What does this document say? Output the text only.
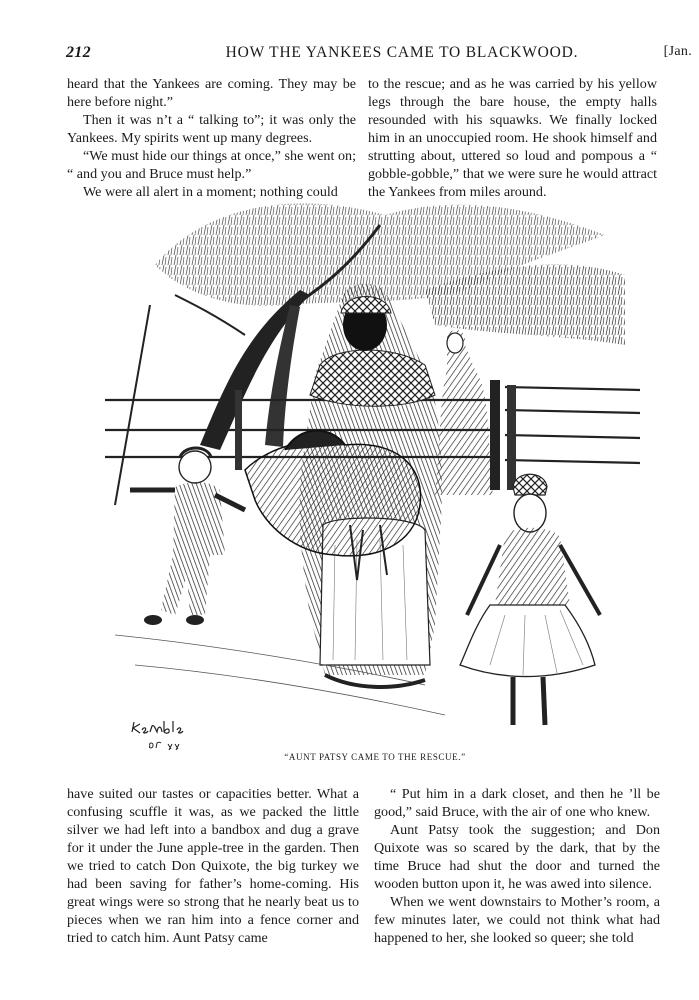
212	HOW THE YANKEES CAME TO BLACKWOOD.	[Jan.

heard that the Yankees are coming. They may be here before night.”

Then it was n’t a “ talking to”; it was only the Yankees. My spirits went up many degrees.

“We must hide our things at once,” she went on; “ and you and Bruce must help.”

We were all alert in a moment; nothing could

to the rescue; and as he was carried by his yellow legs through the bare house, the empty halls resounded with his squawks. We finally locked him in an unoccupied room. He shook himself and strutting about, uttered so loud and pompous a “ gobble-gobble,” that we were sure he would attract the Yankees from miles around.

“AUNT PATSY CAME TO THE RESCUE.”

have suited our tastes or capacities better. What a confusing scuffle it was, as we packed the little silver we had left into a bandbox and dug a grave for it under the June apple-tree in the garden. Then we tried to catch Don Quixote, the big turkey we had been saving for father’s home-coming. His great wings were so strong that he nearly beat us to pieces when we ran him into a fence corner and tried to catch him. Aunt Patsy came

“ Put him in a dark closet, and then he ’ll be good,” said Bruce, with the air of one who knew.

Aunt Patsy took the suggestion; and Don Quixote was so scared by the dark, that by the time Bruce had shut the door and turned the wooden button upon it, he was awed into silence.

When we went downstairs to Mother’s room, a few minutes later, we could not think what had happened to her, she looked so queer; she told
